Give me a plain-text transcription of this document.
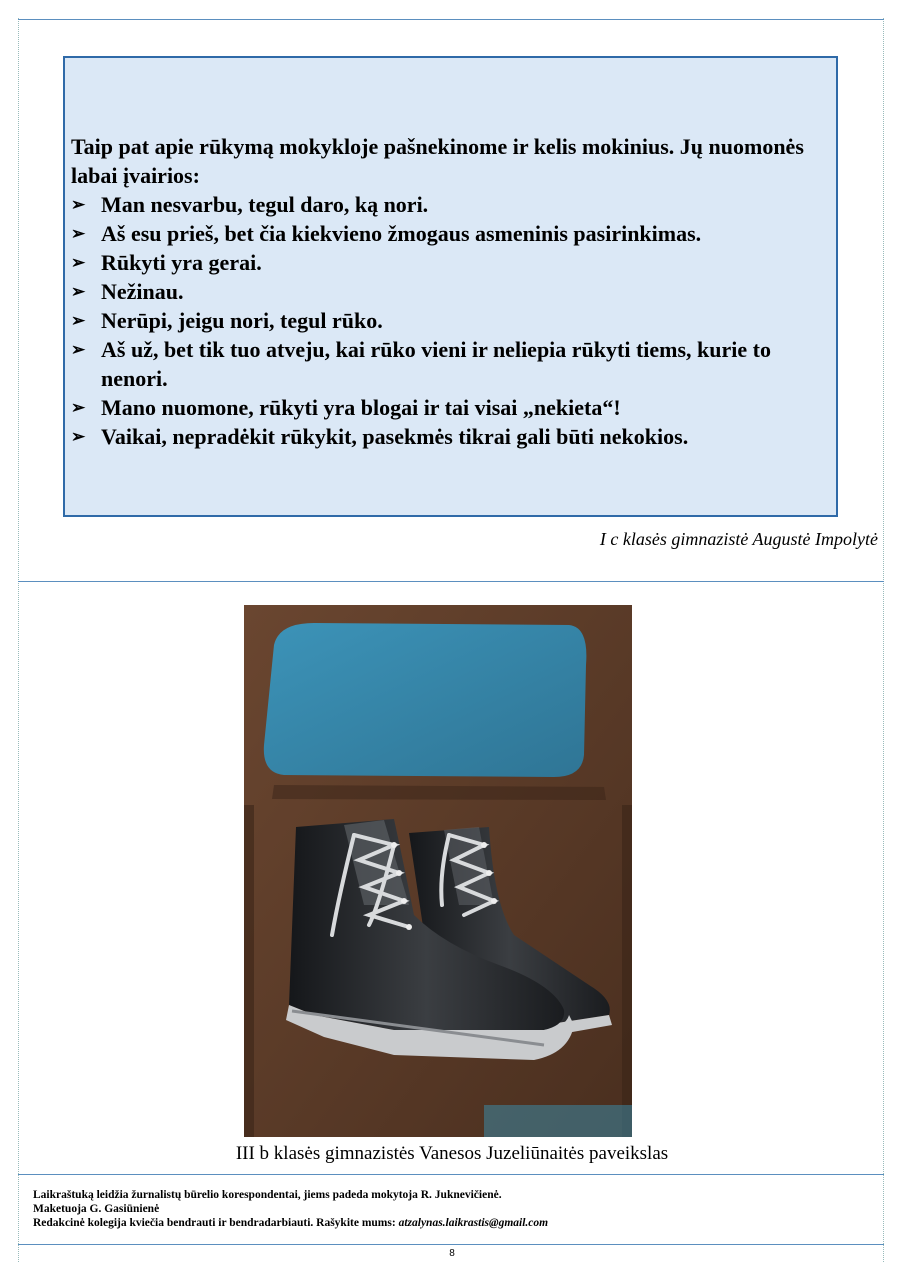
Taip pat apie rūkymą mokykloje pašnekinome ir kelis mokinius. Jų nuomonės labai įvairios:

➢ Man nesvarbu, tegul daro, ką nori.
➢ Aš esu prieš, bet čia kiekvieno žmogaus asmeninis pasirinkimas.
➢ Rūkyti yra gerai.
➢ Nežinau.
➢ Nerūpi, jeigu nori, tegul rūko.
➢ Aš už, bet tik tuo atveju, kai rūko vieni ir neliepia rūkyti tiems, kurie to nenori.
➢ Mano nuomone, rūkyti yra blogai ir tai visai „nekieta“!
➢ Vaikai, nepradėkit rūkykit, pasekmės tikrai gali būti nekokios.
I c klasės gimnazistė Augustė Impolytė
III b klasės gimnazistės Vanesos Juzeliūnaitės paveikslas
Laikraštuką leidžia žurnalistų būrelio korespondentai, jiems padeda mokytoja R. Juknevičienė.
Maketuoja G. Gasiūnienė
Redakcinė kolegija kviečia bendrauti ir bendradarbiauti. Rašykite mums: atzalynas.laikrastis@gmail.com
8
